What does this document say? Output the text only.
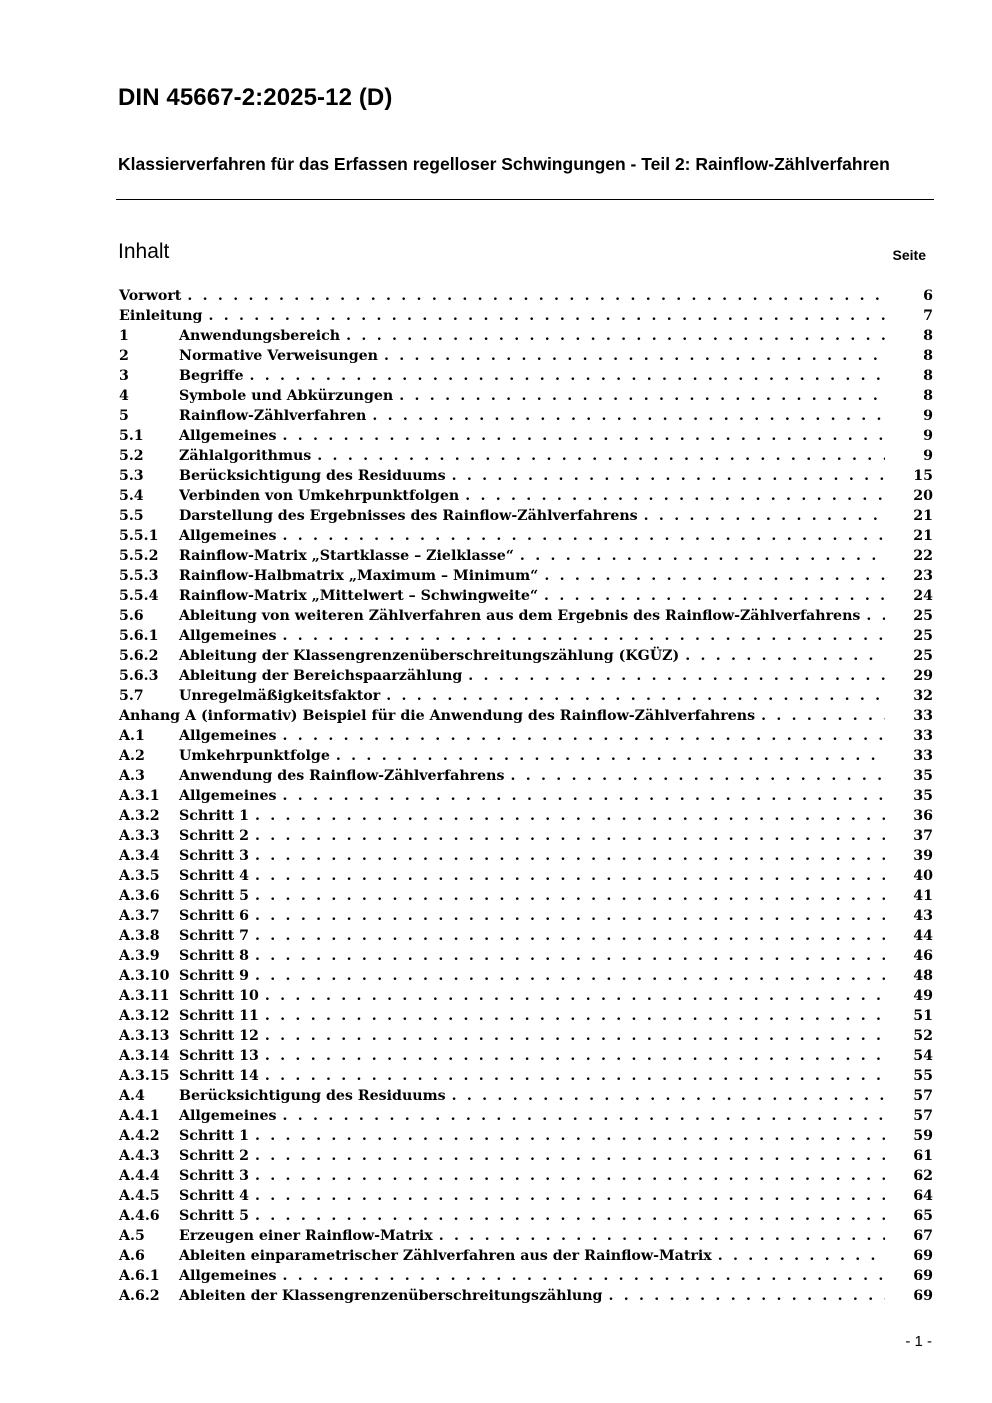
DIN 45667-2:2025-12 (D)
Klassierverfahren für das Erfassen regelloser Schwingungen - Teil 2: Rainflow-Zählverfahren
Inhalt	Seite
Vorwort . . .	6
Einleitung . . .	7
1	Anwendungsbereich . . .	8
2	Normative Verweisungen . . .	8
3	Begriffe . . .	8
4	Symbole und Abkürzungen . . .	8
5	Rainflow-Zählverfahren . . .	9
5.1	Allgemeines . . .	9
5.2	Zählalgorithmus . . .	9
5.3	Berücksichtigung des Residuums . . .	15
5.4	Verbinden von Umkehrpunktfolgen . . .	20
5.5	Darstellung des Ergebnisses des Rainflow-Zählverfahrens . . .	21
5.5.1	Allgemeines . . .	21
5.5.2	Rainflow-Matrix „Startklasse – Zielklasse“ . . .	22
5.5.3	Rainflow-Halbmatrix „Maximum – Minimum“ . . .	23
5.5.4	Rainflow-Matrix „Mittelwert – Schwingweite“ . . .	24
5.6	Ableitung von weiteren Zählverfahren aus dem Ergebnis des Rainflow-Zählverfahrens . . .	25
5.6.1	Allgemeines . . .	25
5.6.2	Ableitung der Klassengrenzenüberschreitungszählung (KGÜZ) . . .	25
5.6.3	Ableitung der Bereichspaarzählung . . .	29
5.7	Unregelmäßigkeitsfaktor . . .	32
Anhang A (informativ) Beispiel für die Anwendung des Rainflow-Zählverfahrens . . .	33
A.1	Allgemeines . . .	33
A.2	Umkehrpunktfolge . . .	33
A.3	Anwendung des Rainflow-Zählverfahrens . . .	35
A.3.1	Allgemeines . . .	35
A.3.2	Schritt 1 . . .	36
A.3.3	Schritt 2 . . .	37
A.3.4	Schritt 3 . . .	39
A.3.5	Schritt 4 . . .	40
A.3.6	Schritt 5 . . .	41
A.3.7	Schritt 6 . . .	43
A.3.8	Schritt 7 . . .	44
A.3.9	Schritt 8 . . .	46
A.3.10 Schritt 9 . . .	48
A.3.11 Schritt 10 . . .	49
A.3.12 Schritt 11 . . .	51
A.3.13 Schritt 12 . . .	52
A.3.14 Schritt 13 . . .	54
A.3.15 Schritt 14 . . .	55
A.4	Berücksichtigung des Residuums . . .	57
A.4.1	Allgemeines . . .	57
A.4.2	Schritt 1 . . .	59
A.4.3	Schritt 2 . . .	61
A.4.4	Schritt 3 . . .	62
A.4.5	Schritt 4 . . .	64
A.4.6	Schritt 5 . . .	65
A.5	Erzeugen einer Rainflow-Matrix . . .	67
A.6	Ableiten einparametrischer Zählverfahren aus der Rainflow-Matrix . . .	69
A.6.1	Allgemeines . . .	69
A.6.2	Ableiten der Klassengrenzenüberschreitungszählung . . .	69
- 1 -
